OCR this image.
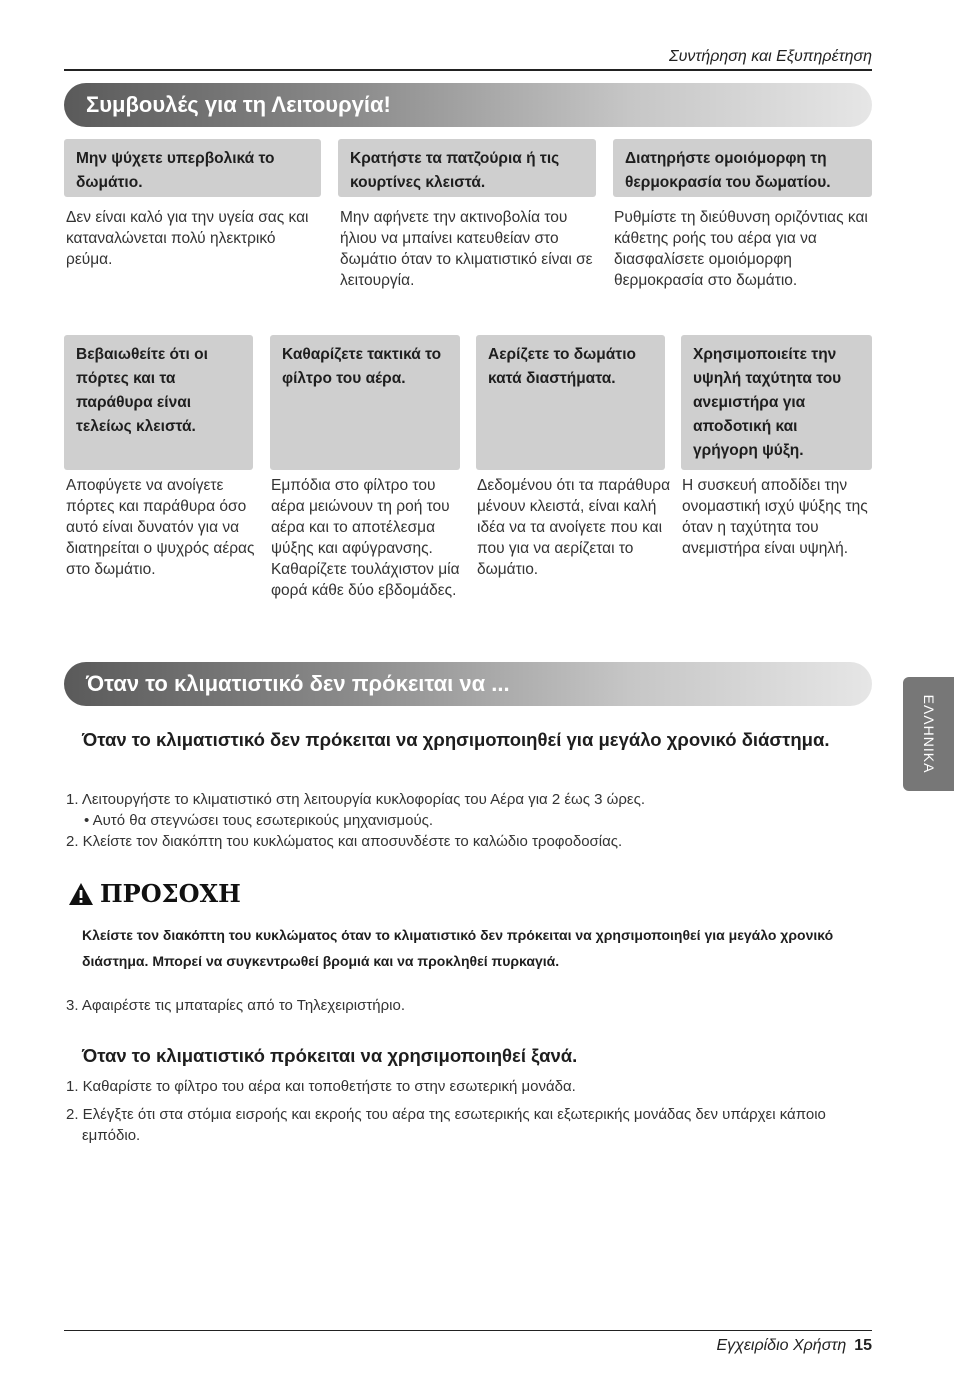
Συντήρηση και Εξυπηρέτηση
Συμβουλές για τη Λειτουργία!
Μην ψύχετε υπερβολικά το δωμάτιο.
Δεν είναι καλό για την υγεία σας και καταναλώνεται πολύ ηλεκτρικό ρεύμα.
Κρατήστε τα πατζούρια ή τις κουρτίνες κλειστά.
Μην αφήνετε την ακτινοβολία του ήλιου να μπαίνει κατευθείαν στο δωμάτιο όταν το κλιματιστικό είναι σε λειτουργία.
Διατηρήστε ομοιόμορφη τη θερμοκρασία του δωματίου.
Ρυθμίστε τη διεύθυνση οριζόντιας και κάθετης ροής του αέρα για να διασφαλίσετε ομοιόμορφη θερμοκρασία στο δωμάτιο.
Βεβαιωθείτε ότι οι πόρτες και τα παράθυρα είναι τελείως κλειστά.
Αποφύγετε να ανοίγετε πόρτες και παράθυρα όσο αυτό είναι δυνατόν για να διατηρείται ο ψυχρός αέρας στο δωμάτιο.
Καθαρίζετε τακτικά το φίλτρο του αέρα.
Εμπόδια στο φίλτρο του αέρα μειώνουν τη ροή του αέρα και το αποτέλεσμα ψύξης και αφύγρανσης. Καθαρίζετε τουλάχιστον μία φορά κάθε δύο εβδομάδες.
Αερίζετε το δωμάτιο κατά διαστήματα.
Δεδομένου ότι τα παράθυρα μένουν κλειστά, είναι καλή ιδέα να τα ανοίγετε που και που για να αερίζεται το δωμάτιο.
Χρησιμοποιείτε την υψηλή ταχύτητα του ανεμιστήρα για αποδοτική και γρήγορη ψύξη.
Η συσκευή αποδίδει την ονομαστική ισχύ ψύξης της όταν η ταχύτητα του ανεμιστήρα είναι υψηλή.
Όταν το κλιματιστικό δεν πρόκειται να ...
Όταν το κλιματιστικό δεν πρόκειται να χρησιμοποιηθεί για μεγάλο χρονικό διάστημα.
1. Λειτουργήστε το κλιματιστικό στη λειτουργία κυκλοφορίας του Αέρα για 2 έως 3 ώρες.
• Αυτό θα στεγνώσει τους εσωτερικούς μηχανισμούς.
2. Κλείστε τον διακόπτη του κυκλώματος και αποσυνδέστε το καλώδιο τροφοδοσίας.
ΠΡΟΣΟΧΗ
Κλείστε τον διακόπτη του κυκλώματος όταν το κλιματιστικό δεν πρόκειται να χρησιμοποιηθεί για μεγάλο χρονικό διάστημα. Μπορεί να συγκεντρωθεί βρομιά και να προκληθεί πυρκαγιά.
3. Αφαιρέστε τις μπαταρίες από το Τηλεχειριστήριο.
Όταν το κλιματιστικό πρόκειται να χρησιμοποιηθεί ξανά.
1. Καθαρίστε το φίλτρο του αέρα και τοποθετήστε το στην εσωτερική μονάδα.
2. Ελέγξτε ότι στα στόμια εισροής και εκροής του αέρα της εσωτερικής και εξωτερικής μονάδας δεν υπάρχει κάποιο εμπόδιο.
ΕΛΛΗΝΙΚΑ
Εγχειρίδιο Χρήστη 15
